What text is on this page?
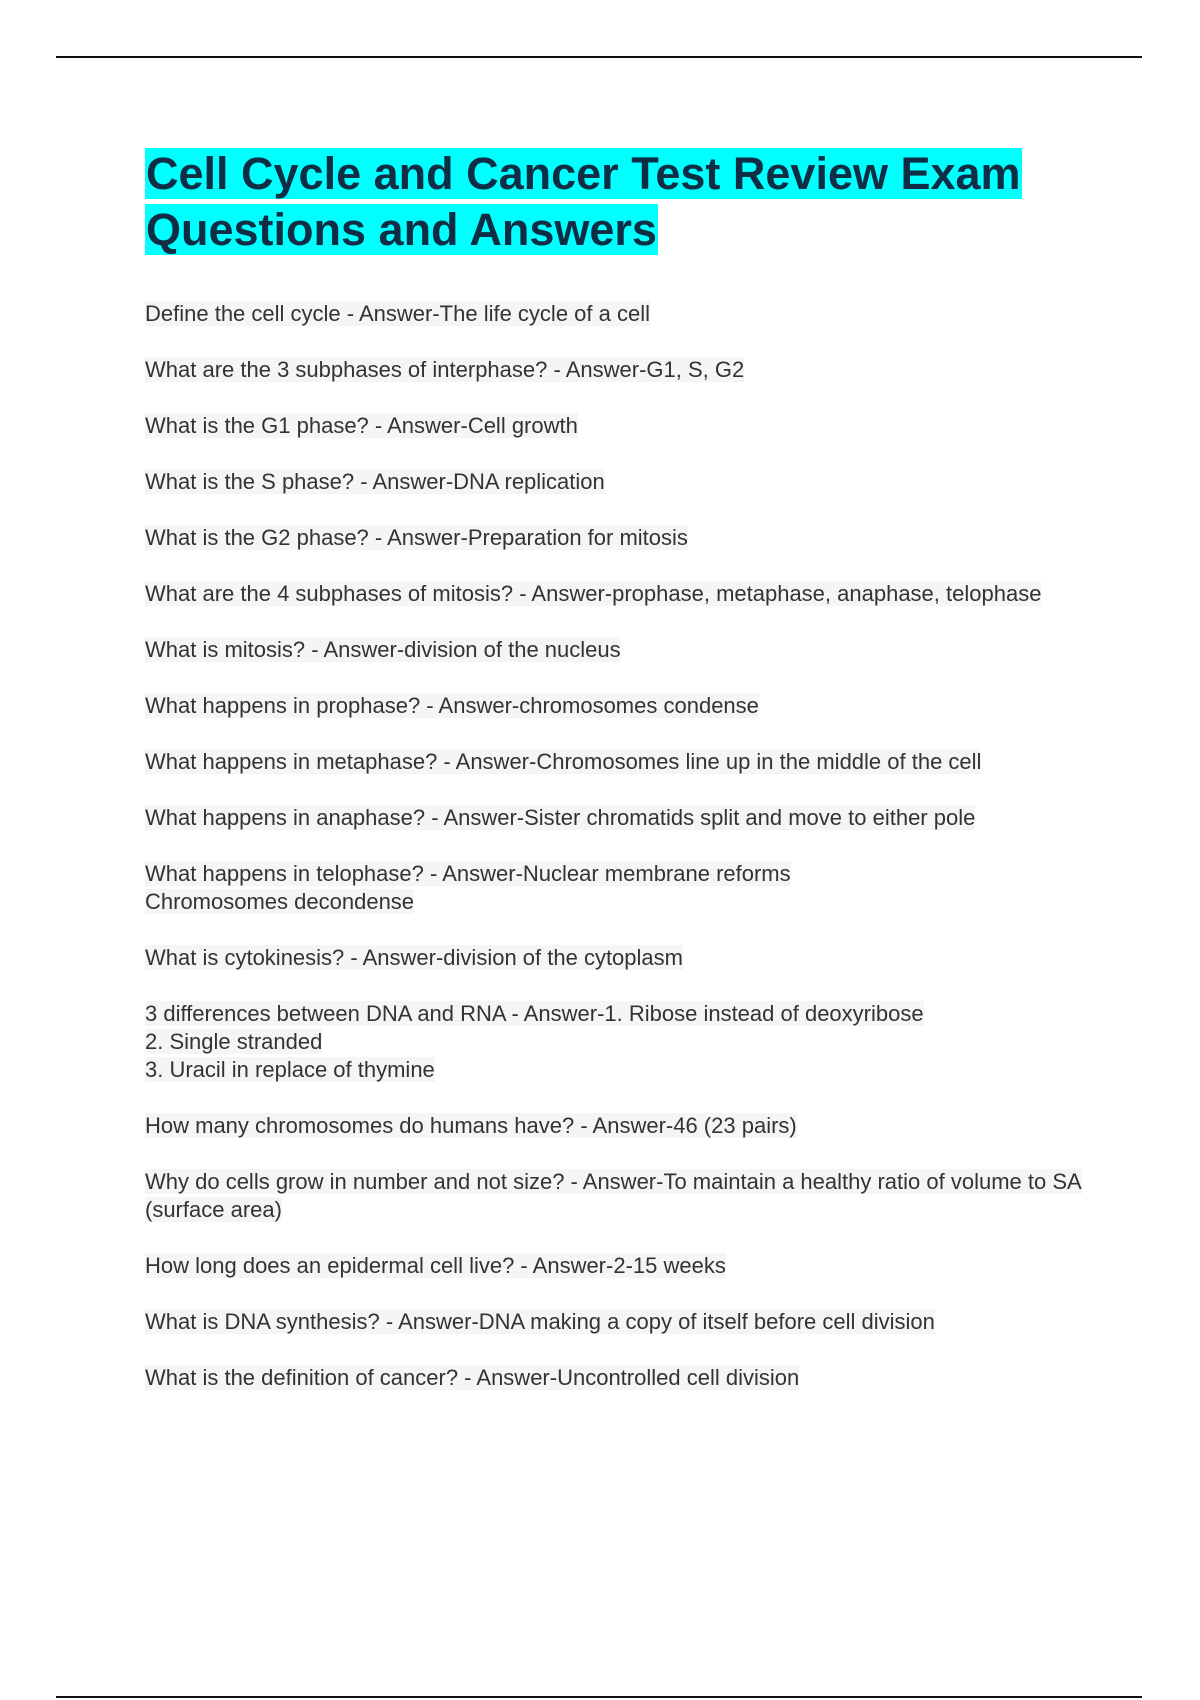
Cell Cycle and Cancer Test Review Exam Questions and Answers
Define the cell cycle - Answer-The life cycle of a cell
What are the 3 subphases of interphase? - Answer-G1, S, G2
What is the G1 phase? - Answer-Cell growth
What is the S phase? - Answer-DNA replication
What is the G2 phase? - Answer-Preparation for mitosis
What are the 4 subphases of mitosis? - Answer-prophase, metaphase, anaphase, telophase
What is mitosis? - Answer-division of the nucleus
What happens in prophase? - Answer-chromosomes condense
What happens in metaphase? - Answer-Chromosomes line up in the middle of the cell
What happens in anaphase? - Answer-Sister chromatids split and move to either pole
What happens in telophase? - Answer-Nuclear membrane reforms
Chromosomes decondense
What is cytokinesis? - Answer-division of the cytoplasm
3 differences between DNA and RNA - Answer-1. Ribose instead of deoxyribose
2. Single stranded
3. Uracil in replace of thymine
How many chromosomes do humans have? - Answer-46 (23 pairs)
Why do cells grow in number and not size? - Answer-To maintain a healthy ratio of volume to SA (surface area)
How long does an epidermal cell live? - Answer-2-15 weeks
What is DNA synthesis? - Answer-DNA making a copy of itself before cell division
What is the definition of cancer? - Answer-Uncontrolled cell division
